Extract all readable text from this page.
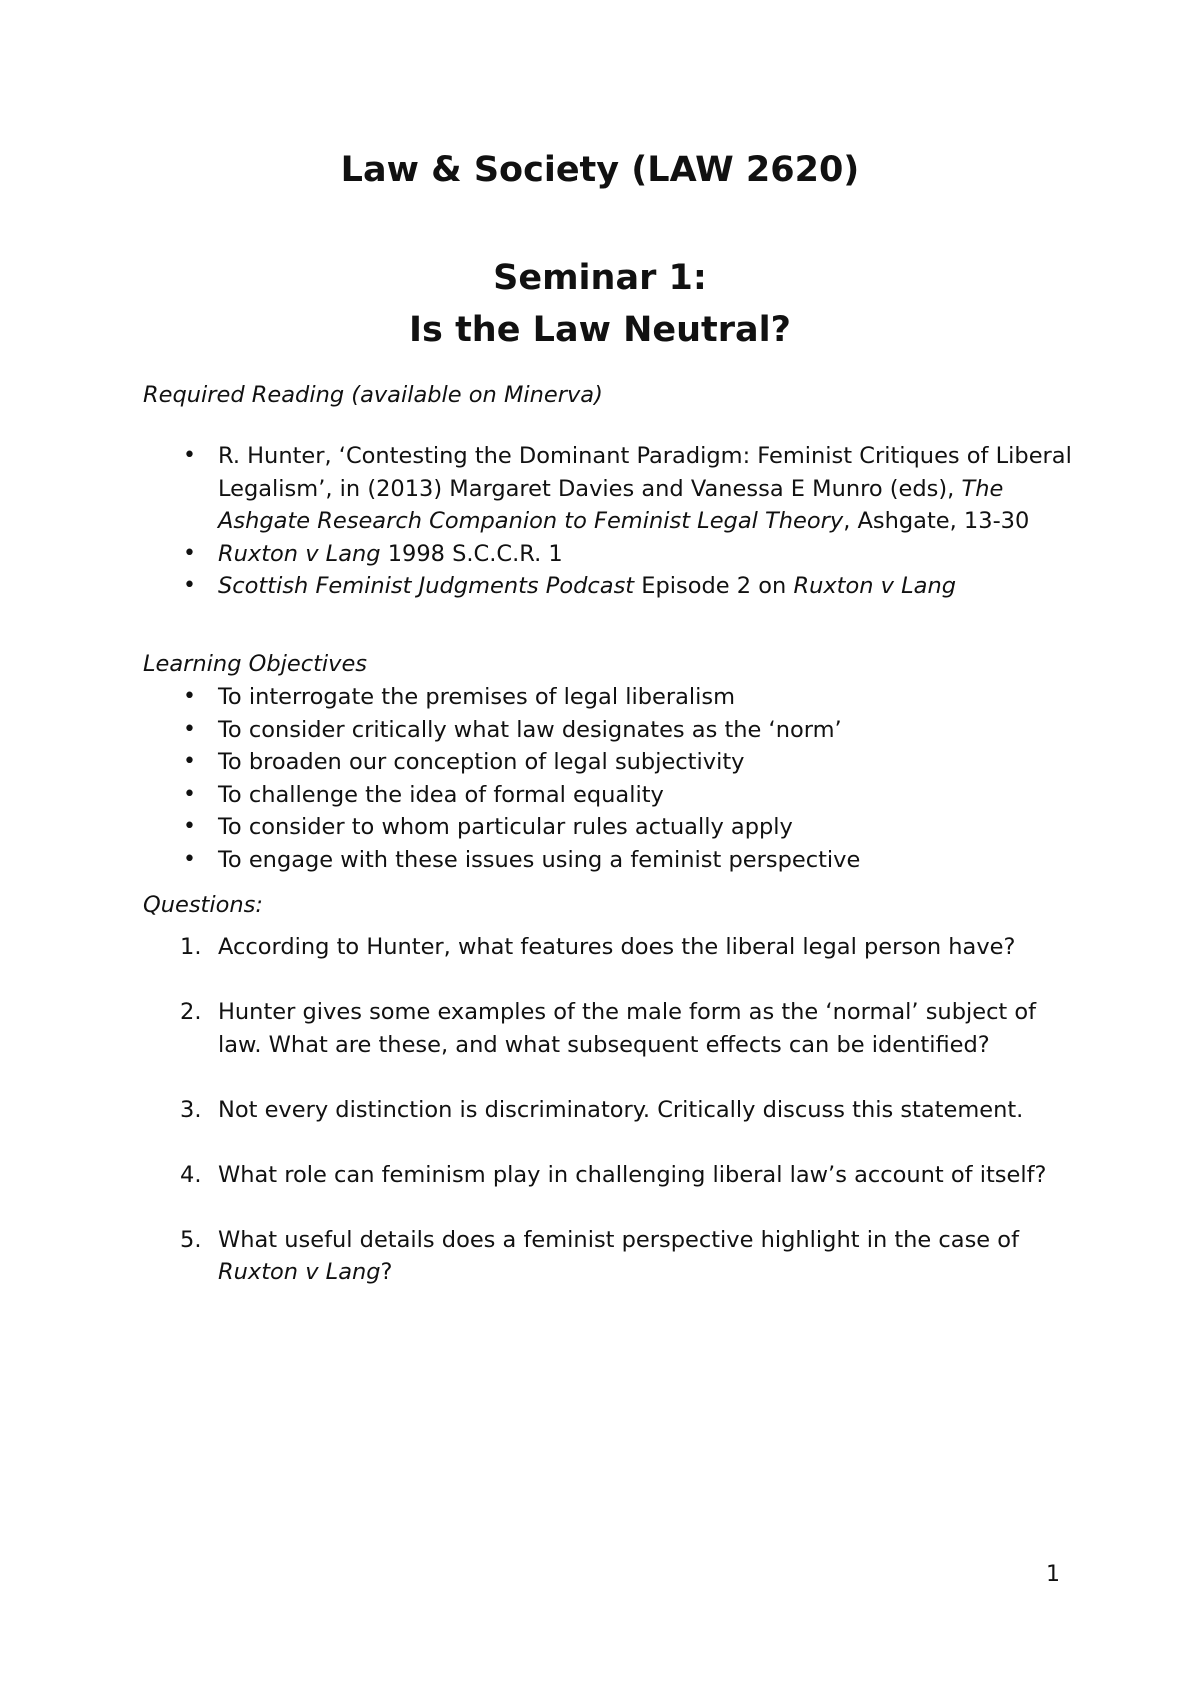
Law & Society (LAW 2620)
Seminar 1:
Is the Law Neutral?

Required Reading (available on Minerva)

• R. Hunter, ‘Contesting the Dominant Paradigm: Feminist Critiques of Liberal Legalism’, in (2013) Margaret Davies and Vanessa E Munro (eds), The Ashgate Research Companion to Feminist Legal Theory, Ashgate, 13-30
• Ruxton v Lang 1998 S.C.C.R. 1
• Scottish Feminist Judgments Podcast Episode 2 on Ruxton v Lang

Learning Objectives

• To interrogate the premises of legal liberalism
• To consider critically what law designates as the ‘norm’
• To broaden our conception of legal subjectivity
• To challenge the idea of formal equality
• To consider to whom particular rules actually apply
• To engage with these issues using a feminist perspective

Questions:

1. According to Hunter, what features does the liberal legal person have?
2. Hunter gives some examples of the male form as the ‘normal’ subject of law. What are these, and what subsequent effects can be identified?
3. Not every distinction is discriminatory. Critically discuss this statement.
4. What role can feminism play in challenging liberal law’s account of itself?
5. What useful details does a feminist perspective highlight in the case of Ruxton v Lang?
1
